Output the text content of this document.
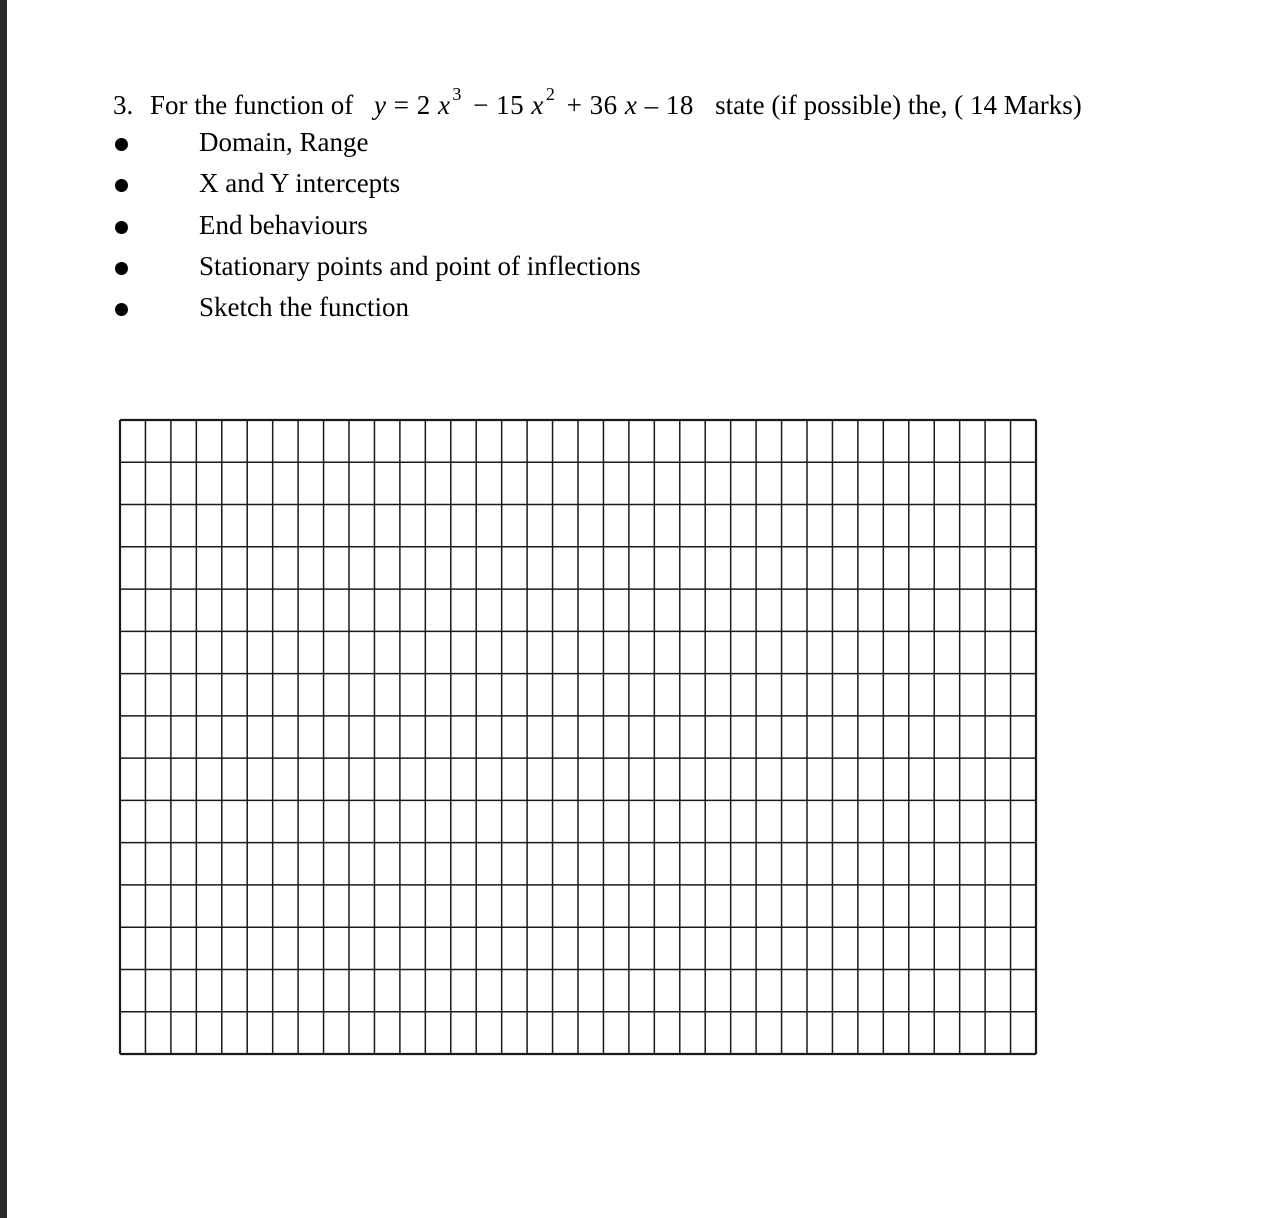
3. For the function of y = 2 x $^3$ − 15 x $^2$ + 36 x – 18 state (if possible) the, ( 14 Marks)
Domain, Range
X and Y intercepts
End behaviours
Stationary points and point of inflections
Sketch the function
